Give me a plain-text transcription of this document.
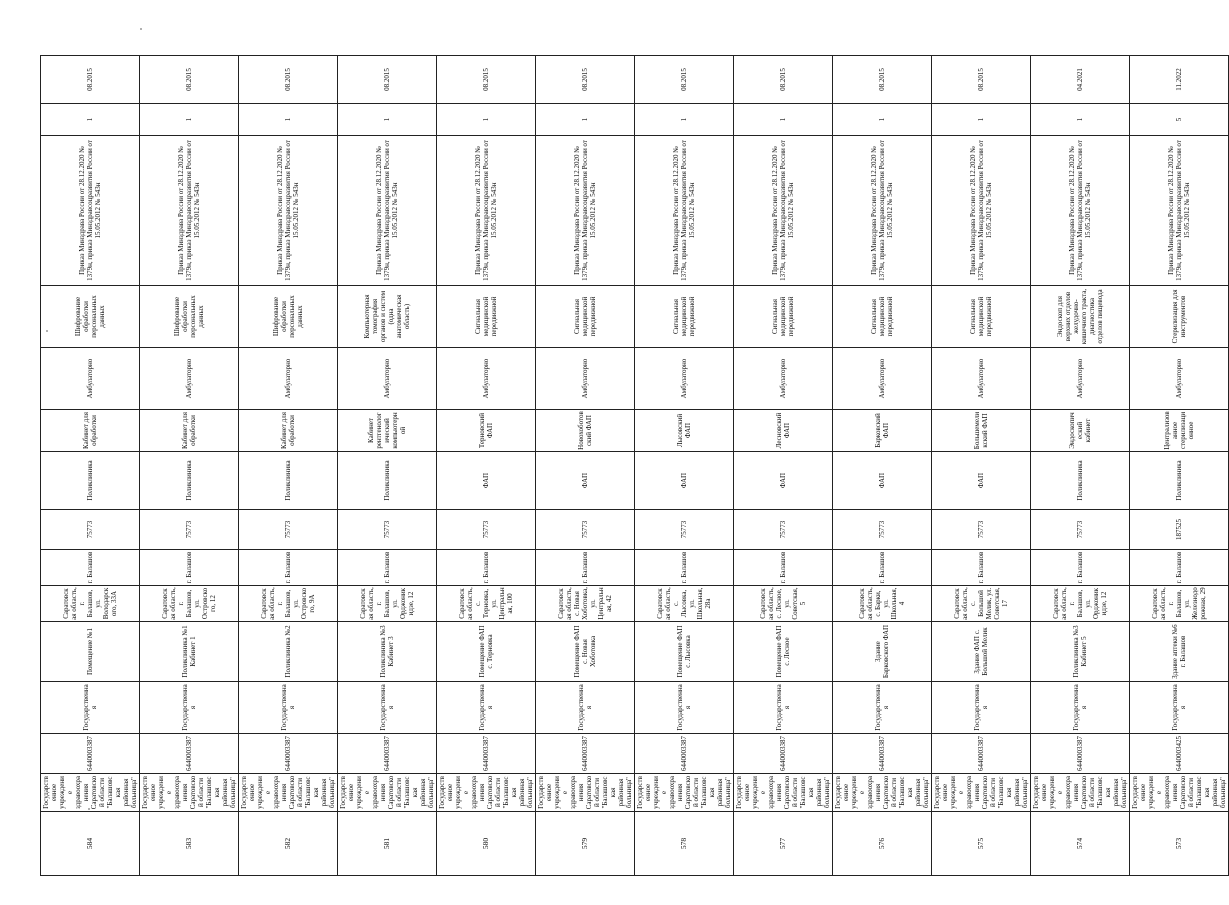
584	Государственное учреждение здравоохранения Саратовской области "Балашовская районная больница"	6440003387	Государственная	Помещение №1	Саратовская область, г. Балашов, ул. Володарского, 33А	г. Балашов	75773	Поликлиника	Кабинет для обработки	Амбулаторно	Шифрование обработки персональных данных	Приказ Минздрава России от 28.12.2020 № 1379н, приказ Минздравсоцразвития России от 15.05.2012 № 543н	1	08.2015
583	Государственное учреждение здравоохранения Саратовской области "Балашовская районная больница"	6440003387	Государственная	Поликлиника №1 Кабинет 1	Саратовская область, г. Балашов, ул. Островского, 12	г. Балашов	75773	Поликлиника	Кабинет для обработки	Амбулаторно	Шифрование обработки персональных данных	Приказ Минздрава России от 28.12.2020 № 1379н, приказ Минздравсоцразвития России от 15.05.2012 № 543н	1	08.2015
582	Государственное учреждение здравоохранения Саратовской области "Балашовская районная больница"	6440003387	Государственная	Поликлиника №2	Саратовская область, г. Балашов, ул. Островского, 9А	г. Балашов	75773	Поликлиника	Кабинет для обработки	Амбулаторно	Шифрование обработки персональных данных	Приказ Минздрава России от 28.12.2020 № 1379н, приказ Минздравсоцразвития России от 15.05.2012 № 543н	1	08.2015
581	Государственное учреждение здравоохранения Саратовской области "Балашовская районная больница"	6440003387	Государственная	Поликлиника №3 Кабинет 3	Саратовская область, г. Балашов, ул. Орджоникидзе, 12	г. Балашов	75773	Поликлиника	Кабинет рентгенологический компьютерной	Амбулаторно	Компьютерная томография органов и систем (одна анатомическая область)	Приказ Минздрава России от 28.12.2020 № 1379н, приказ Минздравсоцразвития России от 15.05.2012 № 543н	1	08.2015
580	Государственное учреждение здравоохранения Саратовской области "Балашовская районная больница"	6440003387	Государственная	Помещение ФАП с. Терновка	Саратовская область, с. Терновка, ул. Центральная, 100	г. Балашов	75773	ФАП	Терновский ФАП	Амбулаторно	Сигнальная медицинской передвижной	Приказ Минздрава России от 28.12.2020 № 1379н, приказ Минздравсоцразвития России от 15.05.2012 № 543н	1	08.2015
579	Государственное учреждение здравоохранения Саратовской области "Балашовская районная больница"	6440003387	Государственная	Помещение ФАП с. Новая Хоботовка	Саратовская область, с. Новая Хоботовка, ул. Центральная, 42	г. Балашов	75773	ФАП	Новохоботовский ФАП	Амбулаторно	Сигнальная медицинской передвижной	Приказ Минздрава России от 28.12.2020 № 1379н, приказ Минздравсоцразвития России от 15.05.2012 № 543н	1	08.2015
578	Государственное учреждение здравоохранения Саратовской области "Балашовская районная больница"	6440003387	Государственная	Помещение ФАП с. Лысовка	Саратовская область, с. Лысовка, ул. Школьная, 28а	г. Балашов	75773	ФАП	Лысовский ФАП	Амбулаторно	Сигнальная медицинской передвижной	Приказ Минздрава России от 28.12.2020 № 1379н, приказ Минздравсоцразвития России от 15.05.2012 № 543н	1	08.2015
577	Государственное учреждение здравоохранения Саратовской области "Балашовская районная больница"	6440003387	Государственная	Помещение ФАП с. Лесное	Саратовская область, с. Лесное, ул. Советская, 5	г. Балашов	75773	ФАП	Лесновский ФАП	Амбулаторно	Сигнальная медицинской передвижной	Приказ Минздрава России от 28.12.2020 № 1379н, приказ Минздравсоцразвития России от 15.05.2012 № 543н	1	08.2015
576	Государственное учреждение здравоохранения Саратовской области "Балашовская районная больница"	6440003387	Государственная	Здание Барковского ФАП	Саратовская область, с. Барки, ул. Школьная, 4	г. Балашов	75773	ФАП	Барковский ФАП	Амбулаторно	Сигнальная медицинской передвижной	Приказ Минздрава России от 28.12.2020 № 1379н, приказ Минздравсоцразвития России от 15.05.2012 № 543н	1	08.2015
575	Государственное учреждение здравоохранения Саратовской области "Балашовская районная больница"	6440003387	Государственная	Здание ФАП с. Большой Мелик	Саратовская область, с. Большой Мелик, ул. Советская, 17	г. Балашов	75773	ФАП	Большемеликский ФАП	Амбулаторно	Сигнальная медицинской передвижной	Приказ Минздрава России от 28.12.2020 № 1379н, приказ Минздравсоцразвития России от 15.05.2012 № 543н	1	08.2015
574	Государственное учреждение здравоохранения Саратовской области "Балашовская районная больница"	6440003387	Государственная	Поликлиника №3 Кабинет 5	Саратовская область, г. Балашов, ул. Орджоникидзе, 12	г. Балашов	75773	Поликлиника	Эндоскопический кабинет	Амбулаторно	Эндоскоп для верхних отделов желудочно-кишечного тракта, диагностика отделов пищевода	Приказ Минздрава России от 28.12.2020 № 1379н, приказ Минздравсоцразвития России от 15.05.2012 № 543н	1	04.2021
573	Государственное учреждение здравоохранения Саратовской области "Балашовская районная больница"	6440003425	Государственная	Здание аптеки №6 г. Балашов	Саратовская область, г. Балашов, ул. Железнодорожная, 29	г. Балашов	187525	Поликлиника	Централизованное стерилизационное	Амбулаторно	Стерилизация для инструментов	Приказ Минздрава России от 28.12.2020 № 1379н, приказ Минздравсоцразвития России от 15.05.2012 № 543н	5	11.2022
